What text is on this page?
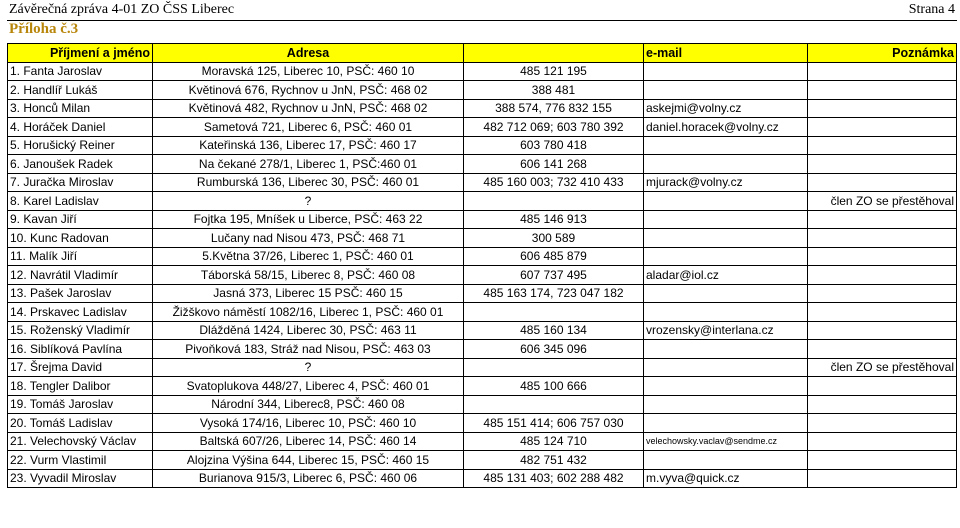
Závěrečná zpráva 4-01 ZO ČSS Liberec	Strana 4
Příloha č.3
Příjmení a jméno	Adresa		e-mail	Poznámka
1. Fanta Jaroslav	Moravská 125, Liberec 10, PSČ: 460 10	485 121 195		
2. Handlíř Lukáš	Květinová 676, Rychnov u JnN, PSČ: 468 02	388 481		
3. Honců Milan	Květinová 482, Rychnov u JnN, PSČ: 468 02	388 574, 776 832 155	askejmi@volny.cz	
4. Horáček Daniel	Sametová 721, Liberec 6, PSČ: 460 01	482 712 069; 603 780 392	daniel.horacek@volny.cz	
5. Horušický Reiner	Kateřinská 136, Liberec 17, PSČ: 460 17	603 780 418		
6. Janoušek Radek	Na čekané 278/1, Liberec 1, PSČ:460 01	606 141 268		
7. Juračka Miroslav	Rumburská 136, Liberec 30, PSČ: 460 01	485 160 003; 732 410 433	mjurack@volny.cz	
8. Karel Ladislav	?			člen ZO se přestěhoval
9. Kavan Jiří	Fojtka 195, Mníšek u Liberce, PSČ: 463 22	485 146 913		
10. Kunc Radovan	Lučany nad Nisou 473, PSČ: 468 71	300 589		
11. Malík Jiří	5.Května 37/26, Liberec 1, PSČ: 460 01	606 485 879		
12. Navrátil Vladimír	Táborská 58/15, Liberec 8, PSČ: 460 08	607 737 495	aladar@iol.cz	
13. Pašek Jaroslav	Jasná 373, Liberec 15 PSČ: 460 15	485 163 174, 723 047 182		
14. Prskavec Ladislav	Žižškovo náměstí 1082/16, Liberec 1, PSČ: 460 01			
15. Roženský Vladimír	Dlážděná 1424, Liberec 30, PSČ: 463 11	485 160 134	vrozensky@interlana.cz	
16. Siblíková Pavlína	Pivoňková 183, Stráž nad Nisou, PSČ: 463 03	606 345 096		
17. Šrejma David	?			člen ZO se přestěhoval
18. Tengler Dalibor	Svatoplukova 448/27, Liberec 4, PSČ: 460 01	485 100 666		
19. Tomáš Jaroslav	Národní 344, Liberec8, PSČ: 460 08			
20. Tomáš Ladislav	Vysoká 174/16, Liberec 10, PSČ: 460 10	485 151 414; 606 757 030		
21. Velechovský Václav	Baltská 607/26, Liberec 14, PSČ: 460 14	485 124 710	velechowsky.vaclav@sendme.cz	
22. Vurm Vlastimil	Alojzina Výšina 644, Liberec 15, PSČ: 460 15	482 751 432		
23. Vyvadil Miroslav	Burianova 915/3, Liberec 6, PSČ: 460 06	485 131 403; 602 288 482	m.vyva@quick.cz	
